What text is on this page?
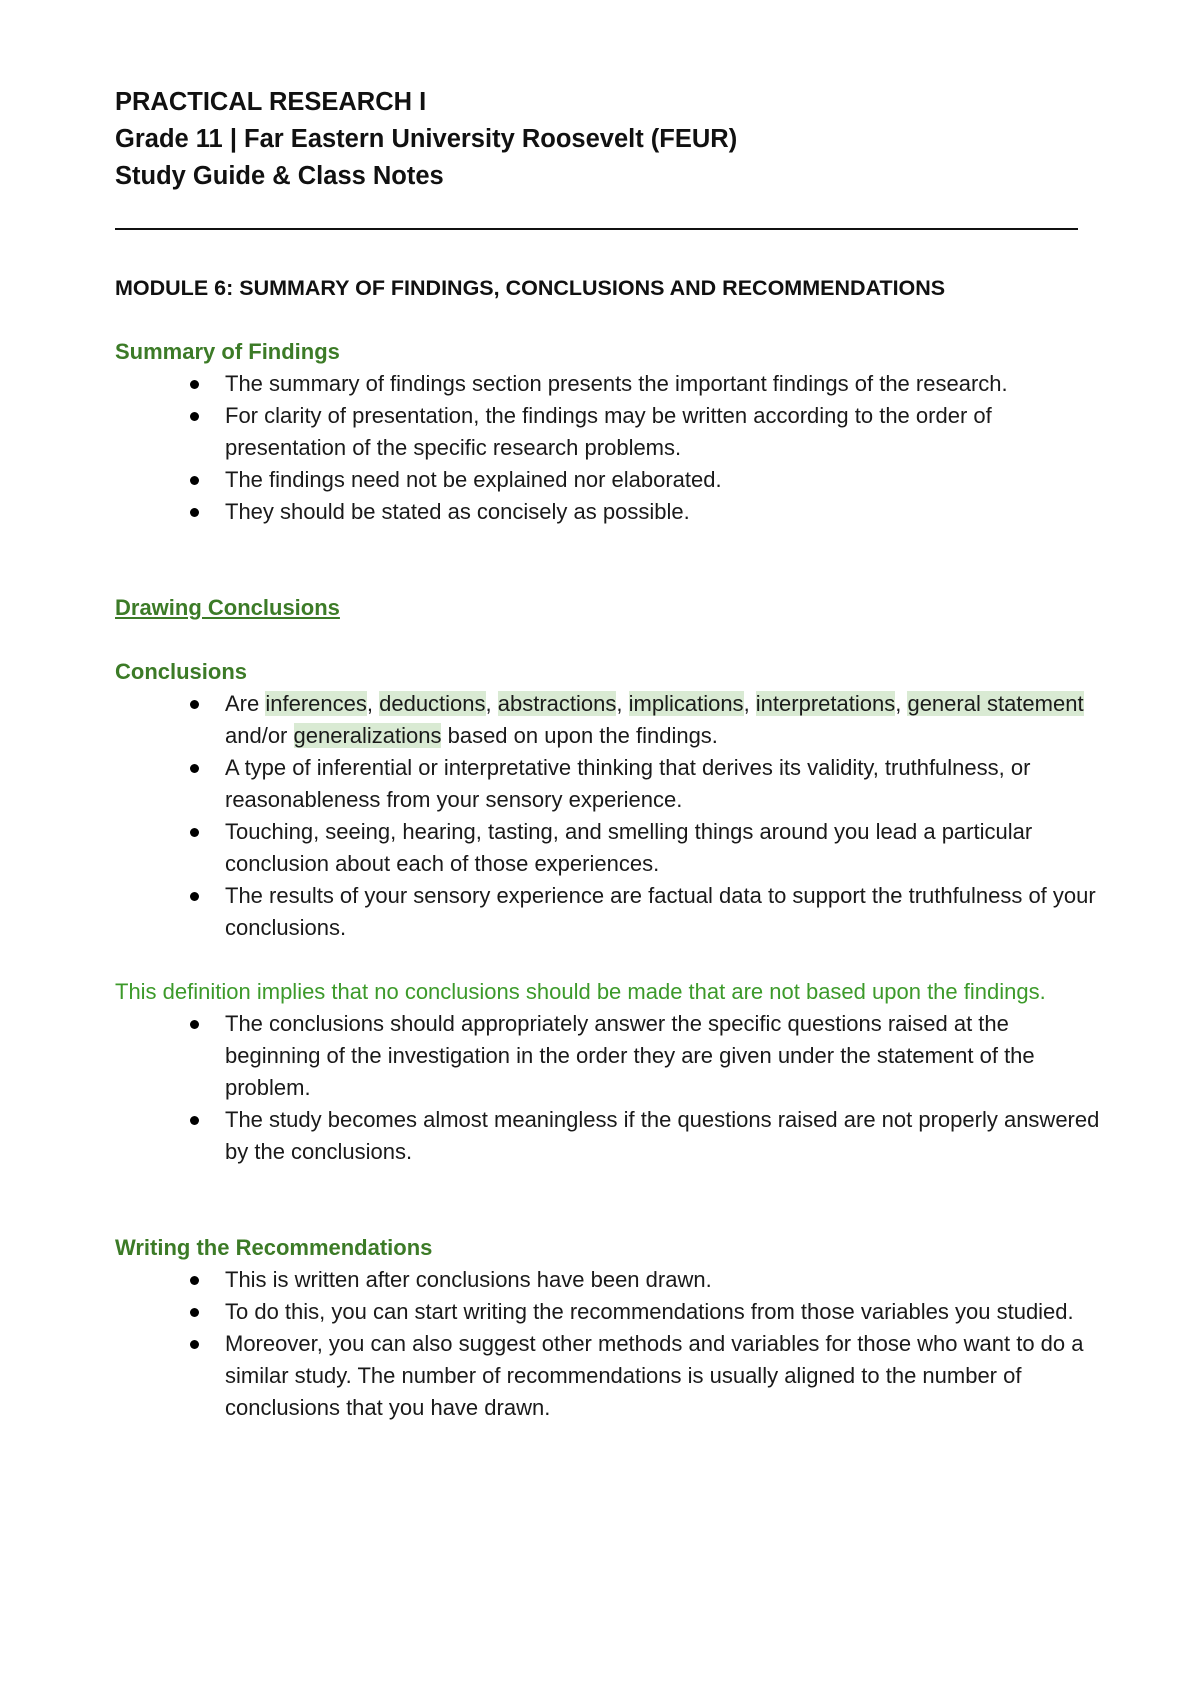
PRACTICAL RESEARCH I
Grade 11 | Far Eastern University Roosevelt (FEUR)
Study Guide & Class Notes
MODULE 6: SUMMARY OF FINDINGS, CONCLUSIONS AND RECOMMENDATIONS
Summary of Findings
The summary of findings section presents the important findings of the research.
For clarity of presentation, the findings may be written according to the order of presentation of the specific research problems.
The findings need not be explained nor elaborated.
They should be stated as concisely as possible.
Drawing Conclusions
Conclusions
Are inferences, deductions, abstractions, implications, interpretations, general statement and/or generalizations based on upon the findings.
A type of inferential or interpretative thinking that derives its validity, truthfulness, or reasonableness from your sensory experience.
Touching, seeing, hearing, tasting, and smelling things around you lead a particular conclusion about each of those experiences.
The results of your sensory experience are factual data to support the truthfulness of your conclusions.
This definition implies that no conclusions should be made that are not based upon the findings.
The conclusions should appropriately answer the specific questions raised at the beginning of the investigation in the order they are given under the statement of the problem.
The study becomes almost meaningless if the questions raised are not properly answered by the conclusions.
Writing the Recommendations
This is written after conclusions have been drawn.
To do this, you can start writing the recommendations from those variables you studied.
Moreover, you can also suggest other methods and variables for those who want to do a similar study. The number of recommendations is usually aligned to the number of conclusions that you have drawn.
